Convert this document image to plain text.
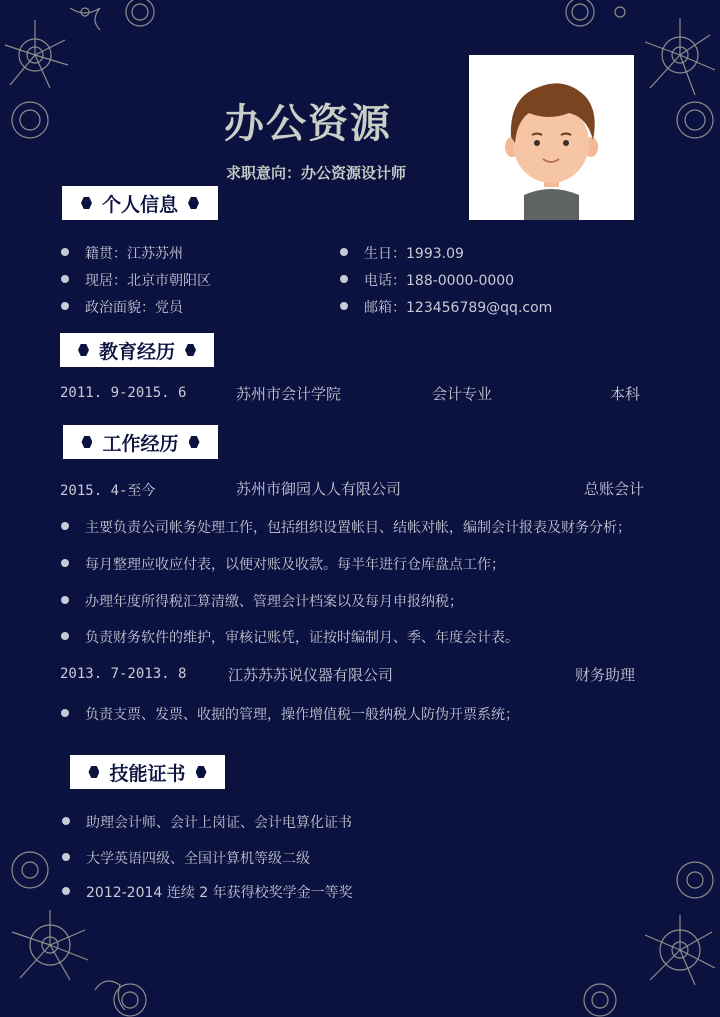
办公资源
求职意向：办公资源设计师
个人信息
籍贯：江苏苏州
现居：北京市朝阳区
政治面貌：党员
生日：1993.09
电话：188-0000-0000
邮箱：123456789@qq.com
教育经历
2011. 9-2015. 6	苏州市会计学院	会计专业	本科
工作经历
2015. 4-至今	苏州市御园人人有限公司	总账会计
主要负责公司帐务处理工作，包括组织设置帐目、结帐对帐，编制会计报表及财务分析；
每月整理应收应付表，以便对账及收款。每半年进行仓库盘点工作；
办理年度所得税汇算清缴、管理会计档案以及每月申报纳税；
负责财务软件的维护，审核记账凭，证按时编制月、季、年度会计表。
2013. 7-2013. 8	江苏苏苏说仪器有限公司	财务助理
负责支票、发票、收据的管理，操作增值税一般纳税人防伪开票系统；
技能证书
助理会计师、会计上岗证、会计电算化证书
大学英语四级、全国计算机等级二级
2012-2014 连续 2 年获得校奖学金一等奖
